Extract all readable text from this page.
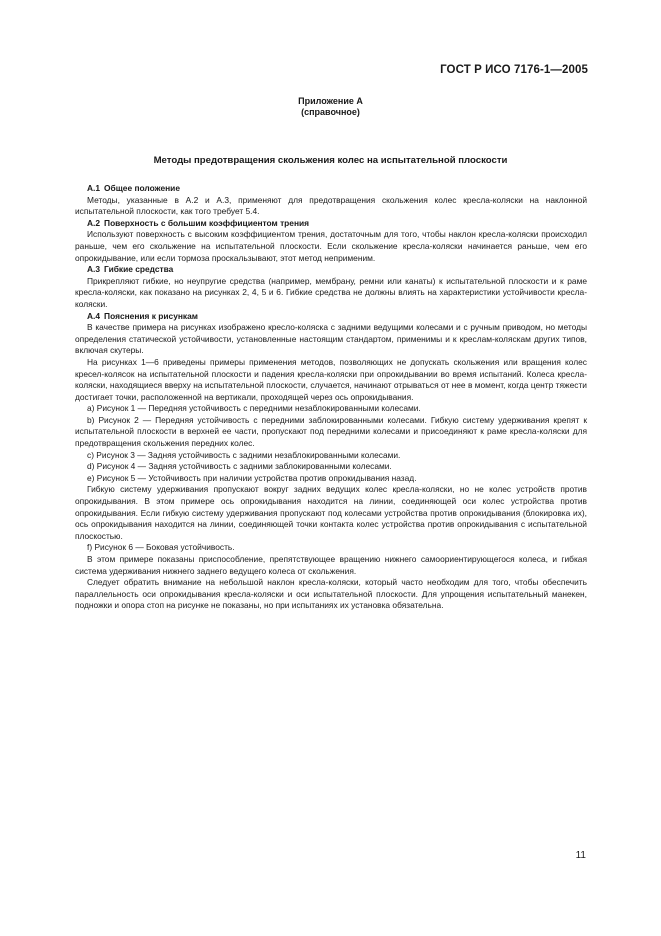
ГОСТ Р ИСО 7176-1—2005
Приложение А
(справочное)
Методы предотвращения скольжения колес на испытательной плоскости
А.1 Общее положение

Методы, указанные в А.2 и А.3, применяют для предотвращения скольжения колес кресла-коляски на наклонной испытательной плоскости, как того требует 5.4.

А.2 Поверхность с большим коэффициентом трения

Используют поверхность с высоким коэффициентом трения, достаточным для того, чтобы наклон кресла-коляски происходил раньше, чем его скольжение на испытательной плоскости. Если скольжение кресла-коляски начинается раньше, чем его опрокидывание, или если тормоза проскальзывают, этот метод неприменим.

А.3 Гибкие средства

Прикрепляют гибкие, но неупругие средства (например, мембрану, ремни или канаты) к испытательной плоскости и к раме кресла-коляски, как показано на рисунках 2, 4, 5 и 6. Гибкие средства не должны влиять на характеристики устойчивости кресла-коляски.

А.4 Пояснения к рисункам

В качестве примера на рисунках изображено кресло-коляска с задними ведущими колесами и с ручным приводом, но методы определения статической устойчивости, установленные настоящим стандартом, применимы и к креслам-коляскам других типов, включая скутеры.

На рисунках 1—6 приведены примеры применения методов, позволяющих не допускать скольжения или вращения колес кресел-колясок на испытательной плоскости и падения кресла-коляски при опрокидывании во время испытаний. Колеса кресла-коляски, находящиеся вверху на испытательной плоскости, случается, начинают отрываться от нее в момент, когда центр тяжести достигает точки, расположенной на вертикали, проходящей через ось опрокидывания.

а) Рисунок 1 — Передняя устойчивость с передними незаблокированными колесами.

b) Рисунок 2 — Передняя устойчивость с передними заблокированными колесами. Гибкую систему удерживания крепят к испытательной плоскости в верхней ее части, пропускают под передними колесами и присоединяют к раме кресла-коляски для предотвращения скольжения передних колес.

с) Рисунок 3 — Задняя устойчивость с задними незаблокированными колесами.

d) Рисунок 4 — Задняя устойчивость с задними заблокированными колесами.

е) Рисунок 5 — Устойчивость при наличии устройства против опрокидывания назад.

Гибкую систему удерживания пропускают вокруг задних ведущих колес кресла-коляски, но не колес устройств против опрокидывания. В этом примере ось опрокидывания находится на линии, соединяющей оси колес устройства против опрокидывания. Если гибкую систему удерживания пропускают под колесами устройства против опрокидывания (блокировка их), ось опрокидывания находится на линии, соединяющей точки контакта колес устройства против опрокидывания с испытательной плоскостью.

f) Рисунок 6 — Боковая устойчивость.

В этом примере показаны приспособление, препятствующее вращению нижнего самоориентирующегося колеса, и гибкая система удерживания нижнего заднего ведущего колеса от скольжения.

Следует обратить внимание на небольшой наклон кресла-коляски, который часто необходим для того, чтобы обеспечить параллельность оси опрокидывания кресла-коляски и оси испытательной плоскости. Для упрощения испытательный манекен, подножки и опора стоп на рисунке не показаны, но при испытаниях их установка обязательна.

11
